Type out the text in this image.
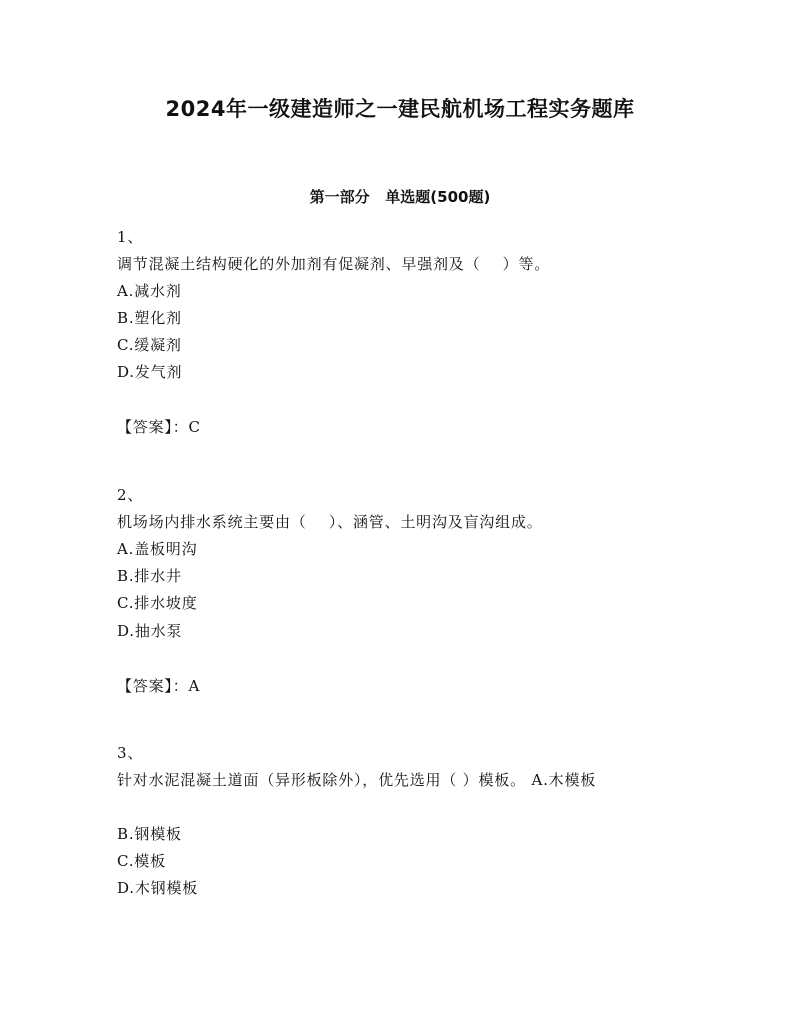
2024年一级建造师之一建民航机场工程实务题库
第一部分   单选题(500题)
1、
调节混凝土结构硬化的外加剂有促凝剂、早强剂及（    ）等。
A.减水剂
B.塑化剂
C.缓凝剂
D.发气剂
【答案】：C
2、
机场场内排水系统主要由（    ）、涵管、土明沟及盲沟组成。
A.盖板明沟
B.排水井
C.排水坡度
D.抽水泵
【答案】：A
3、
针对水泥混凝土道面（异形板除外），优先选用（ ）模板。 A.木模板
B.钢模板
C.模板
D.木钢模板
